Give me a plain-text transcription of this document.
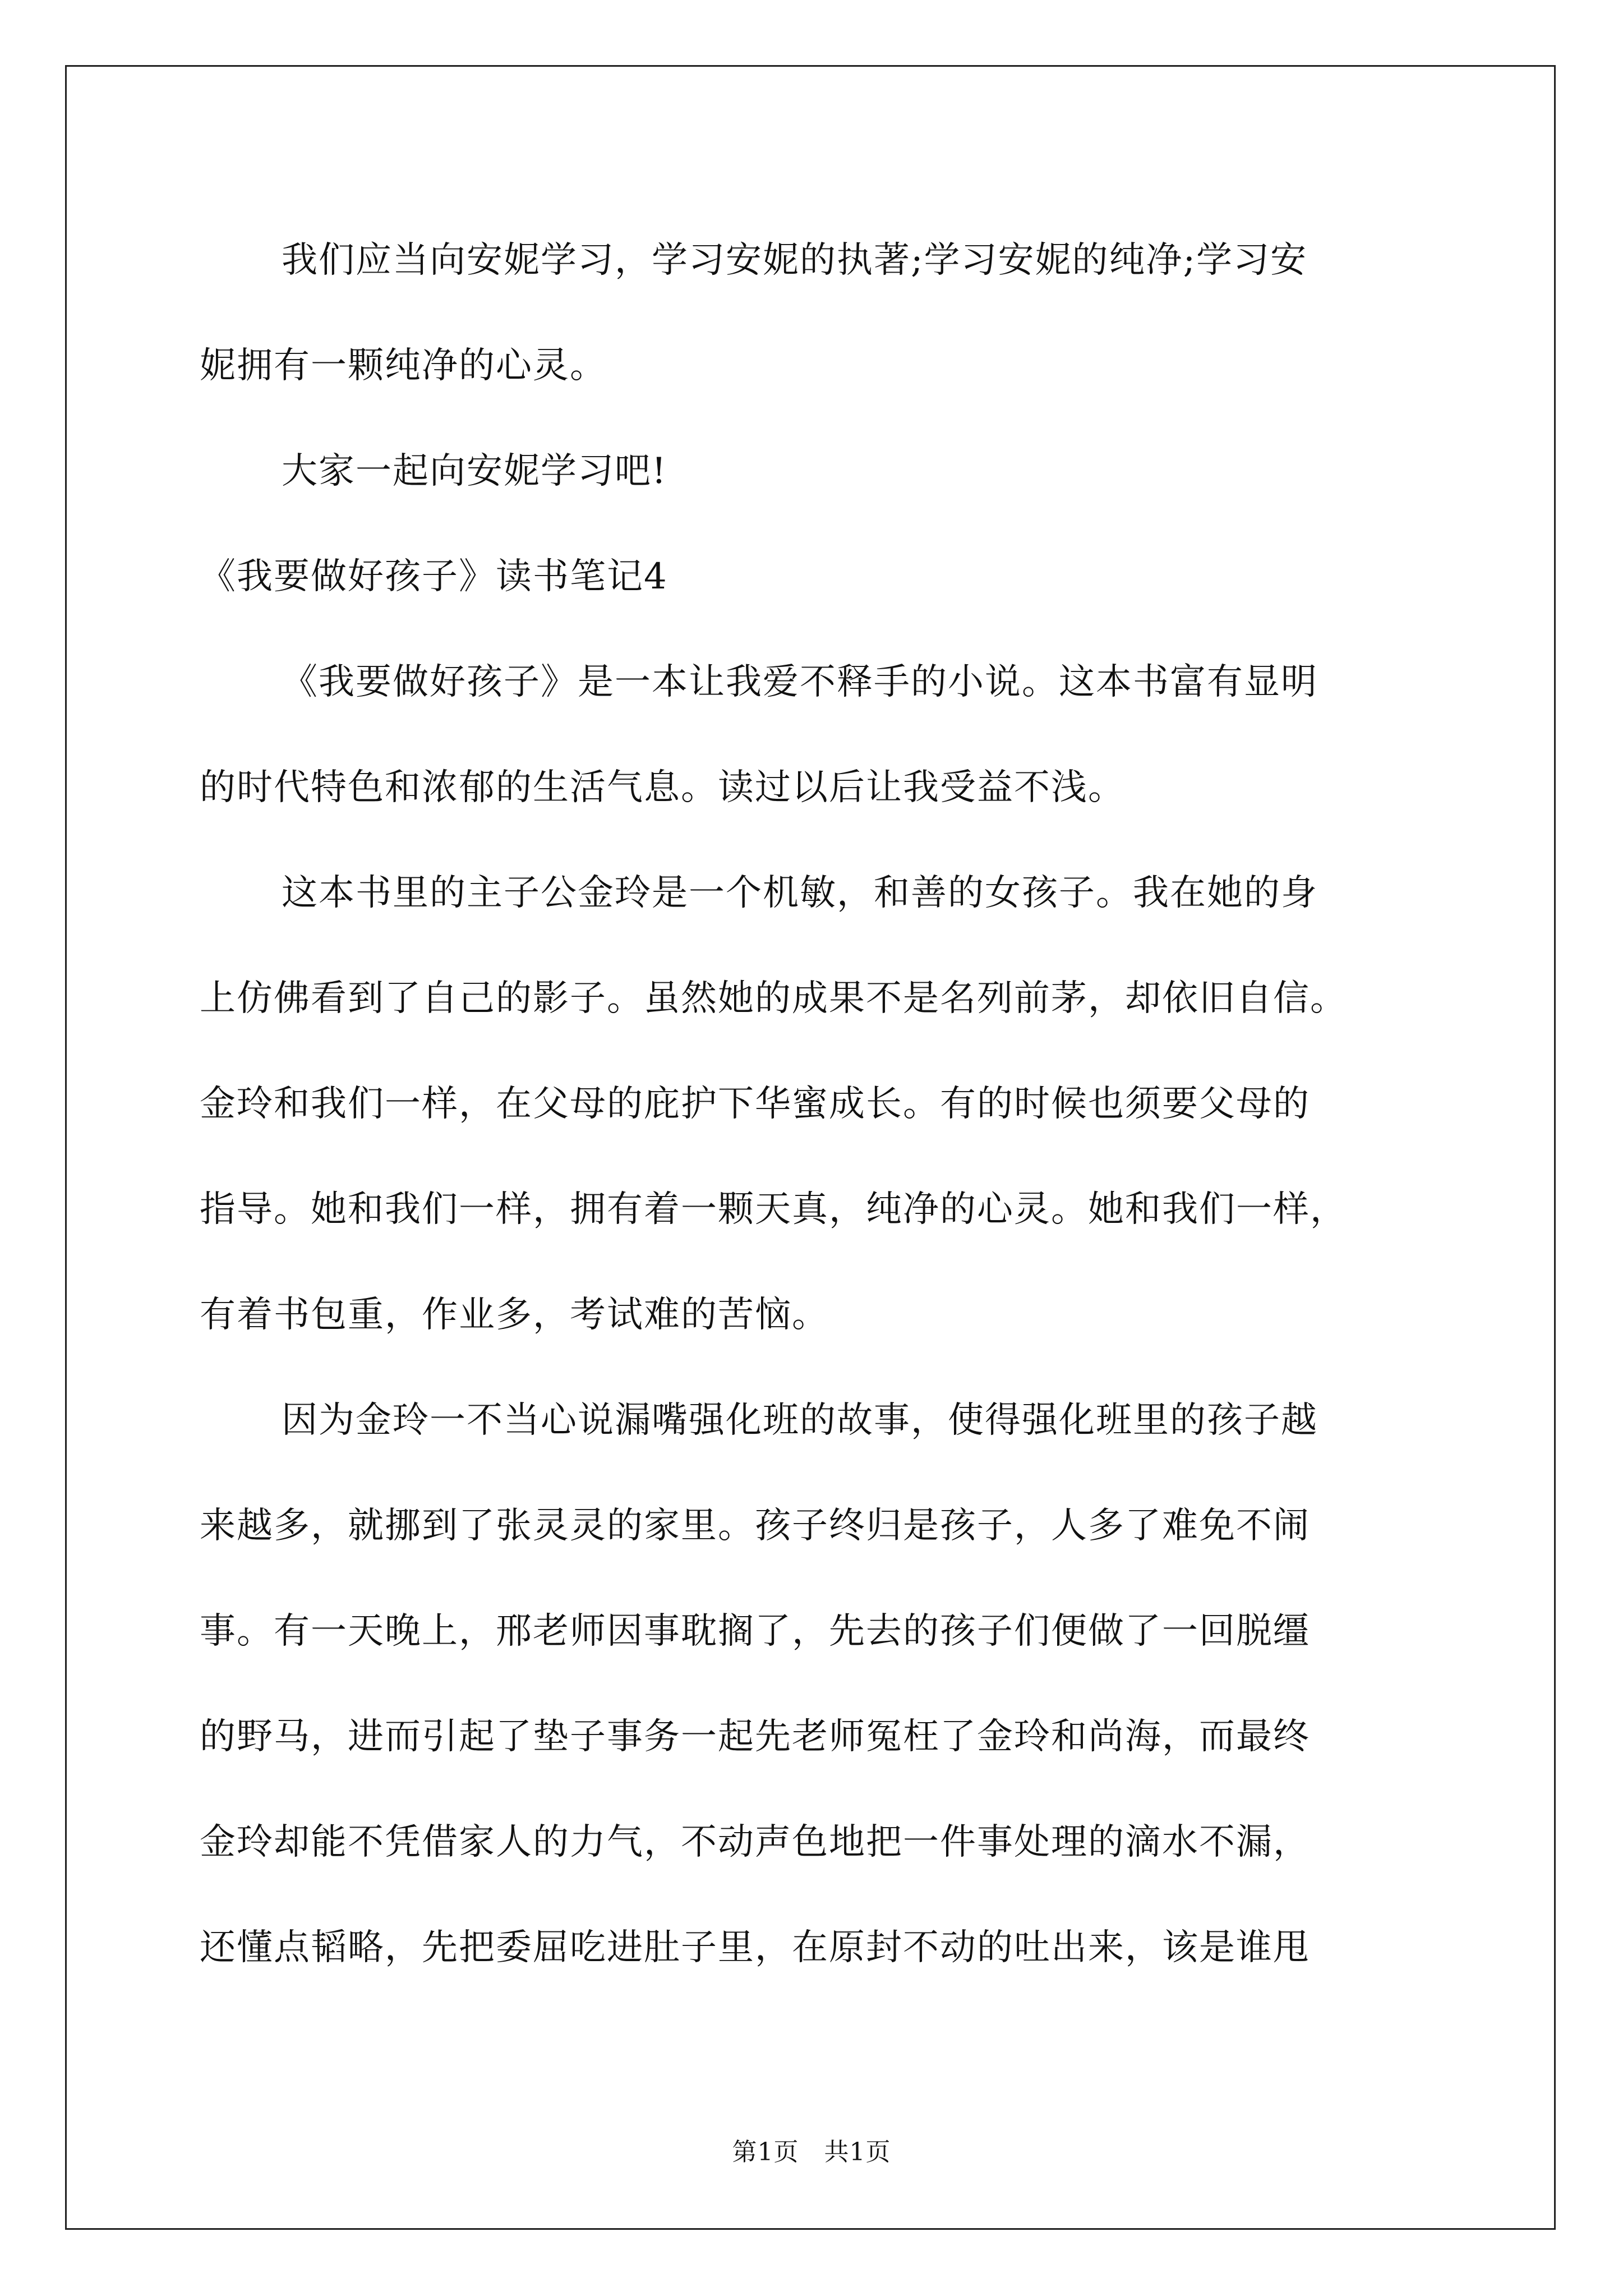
我们应当向安妮学习，学习安妮的执著;学习安妮的纯净;学习安

妮拥有一颗纯净的心灵。

大家一起向安妮学习吧!

《我要做好孩子》读书笔记4

《我要做好孩子》是一本让我爱不释手的小说。这本书富有显明

的时代特色和浓郁的生活气息。读过以后让我受益不浅。

这本书里的主子公金玲是一个机敏，和善的女孩子。我在她的身

上仿佛看到了自己的影子。虽然她的成果不是名列前茅，却依旧自信。

金玲和我们一样，在父母的庇护下华蜜成长。有的时候也须要父母的

指导。她和我们一样，拥有着一颗天真，纯净的心灵。她和我们一样，

有着书包重，作业多，考试难的苦恼。

因为金玲一不当心说漏嘴强化班的故事，使得强化班里的孩子越

来越多，就挪到了张灵灵的家里。孩子终归是孩子，人多了难免不闹

事。有一天晚上，邢老师因事耽搁了，先去的孩子们便做了一回脱缰

的野马，进而引起了垫子事务一起先老师冤枉了金玲和尚海，而最终

金玲却能不凭借家人的力气，不动声色地把一件事处理的滴水不漏，

还懂点韬略，先把委屈吃进肚子里，在原封不动的吐出来，该是谁甩

第1页　共1页
